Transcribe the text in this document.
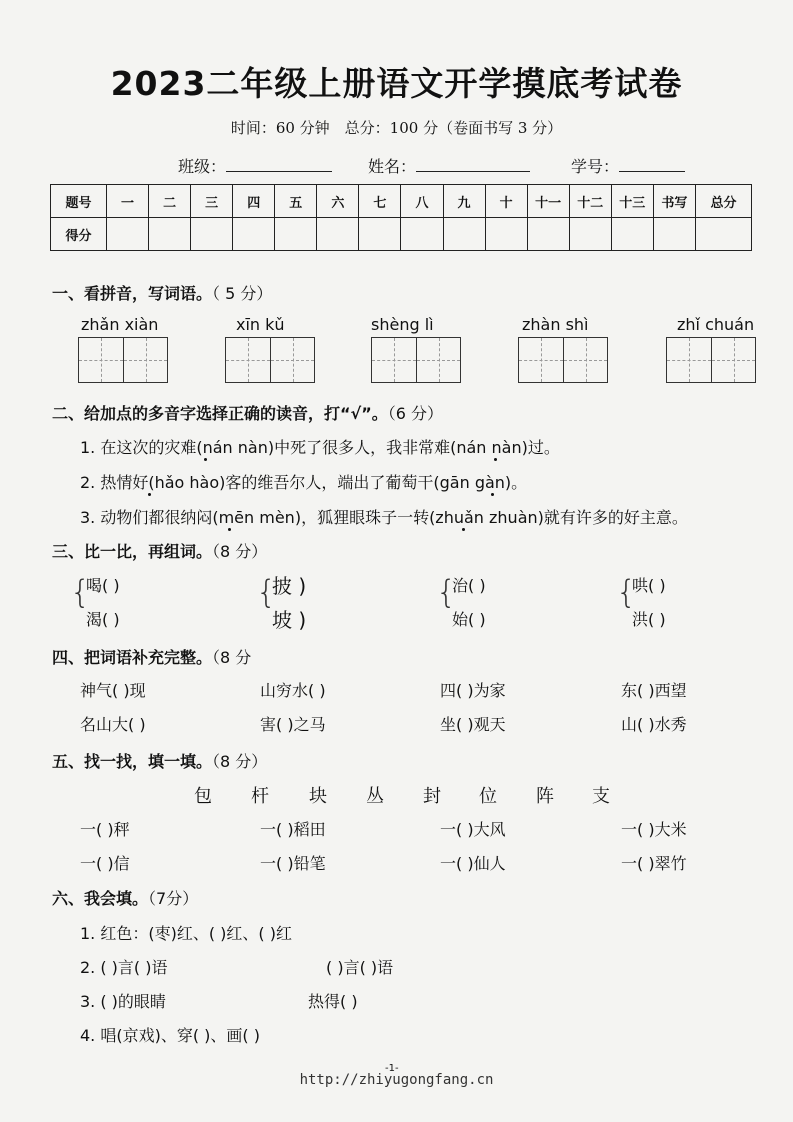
2023二年级上册语文开学摸底考试卷
时间：60 分钟　总分：100 分（卷面书写 3 分）
班级：	姓名：	学号：
题号	一	二	三	四	五	六	七	八	九	十	十一	十二	十三	书写	总分
得分															
一、看拼音，写词语。（ 5 分）
zhǎn xiàn	xīn kǔ	shèng lì	zhàn shì	zhǐ chuán
二、给加点的多音字选择正确的读音，打“√”。（6 分）
1. 在这次的灾难(nán nàn)中死了很多人，我非常难(nán nàn)过。
2. 热情好(hǎo hào)客的维吾尔人，端出了葡萄干(gān gàn)。
3. 动物们都很纳闷(mēn mèn)，狐狸眼珠子一转(zhuǎn zhuàn)就有许多的好主意。
三、比一比，再组词。（8 分）
{
喝( )
渴( )
{
披 )
坡 )
{
治( )
始( )
{
哄( )
洪( )
四、把词语补充完整。（8 分
神气( )现	山穷水( )	四( )为家	东( )西望
名山大( )	害( )之马	坐( )观天	山( )水秀
五、找一找，填一填。（8 分）
包 杆 块 丛 封 位 阵 支
一( )秤	一( )稻田	一( )大风	一( )大米
一( )信	一( )铅笔	一( )仙人	一( )翠竹
六、我会填。（7分）
1. 红色：(枣)红、( )红、( )红
2. ( )言( )语	( )言( )语
3. ( )的眼睛	热得( )
4. 唱(京戏)、穿( )、画( )
-1-
http://zhiyugongfang.cn
